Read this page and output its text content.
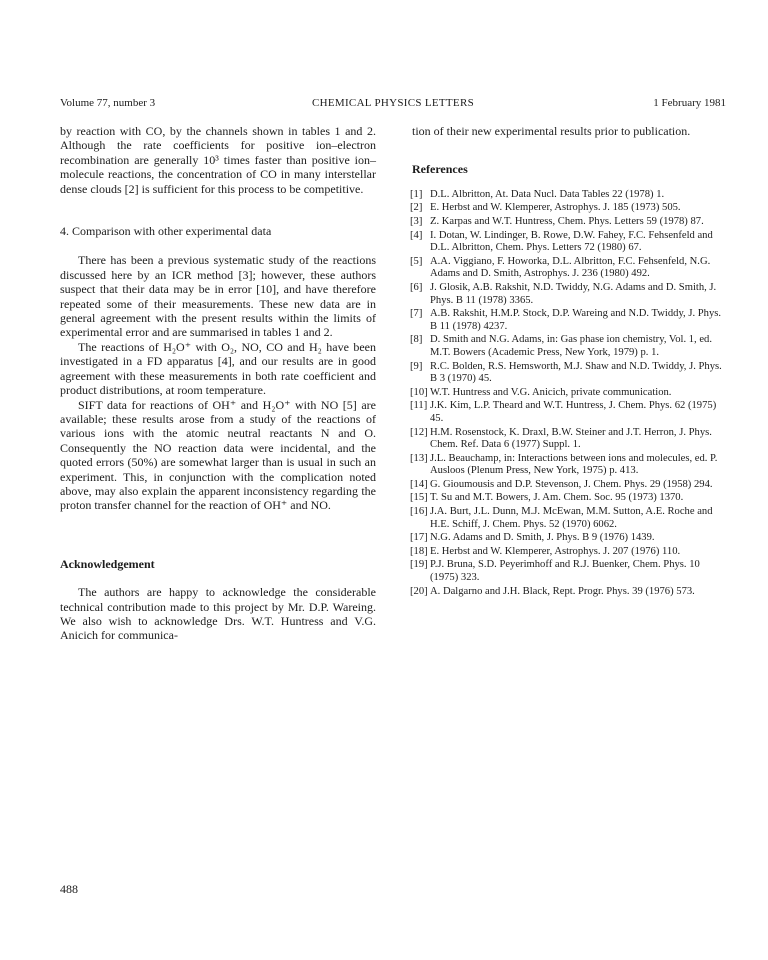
Volume 77, number 3	CHEMICAL PHYSICS LETTERS	1 February 1981

by reaction with CO, by the channels shown in tables 1 and 2. Although the rate coefficients for positive ion–electron recombination are generally 10³ times faster than positive ion–molecule reactions, the concentration of CO in many interstellar dense clouds [2] is sufficient for this process to be competitive.

4. Comparison with other experimental data

There has been a previous systematic study of the reactions discussed here by an ICR method [3]; however, these authors suspect that their data may be in error [10], and have therefore repeated some of their measurements. These new data are in general agreement with the present results within the limits of experimental error and are summarised in tables 1 and 2.

The reactions of H₂O⁺ with O₂, NO, CO and H₂ have been investigated in a FD apparatus [4], and our results are in good agreement with these measurements in both rate coefficient and product distributions, at room temperature.

SIFT data for reactions of OH⁺ and H₂O⁺ with NO [5] are available; these results arose from a study of the reactions of various ions with the atomic neutral reactants N and O. Consequently the NO reaction data were incidental, and the quoted errors (50%) are somewhat larger than is usual in such an experiment. This, in conjunction with the complication noted above, may also explain the apparent inconsistency regarding the proton transfer channel for the reaction of OH⁺ and NO.

Acknowledgement

The authors are happy to acknowledge the considerable technical contribution made to this project by Mr. D.P. Wareing. We also wish to acknowledge Drs. W.T. Huntress and V.G. Anicich for communica-

tion of their new experimental results prior to publication.

References
[1] D.L. Albritton, At. Data Nucl. Data Tables 22 (1978) 1.
[2] E. Herbst and W. Klemperer, Astrophys. J. 185 (1973) 505.
[3] Z. Karpas and W.T. Huntress, Chem. Phys. Letters 59 (1978) 87.
[4] I. Dotan, W. Lindinger, B. Rowe, D.W. Fahey, F.C. Fehsenfeld and D.L. Albritton, Chem. Phys. Letters 72 (1980) 67.
[5] A.A. Viggiano, F. Howorka, D.L. Albritton, F.C. Fehsenfeld, N.G. Adams and D. Smith, Astrophys. J. 236 (1980) 492.
[6] J. Glosik, A.B. Rakshit, N.D. Twiddy, N.G. Adams and D. Smith, J. Phys. B 11 (1978) 3365.
[7] A.B. Rakshit, H.M.P. Stock, D.P. Wareing and N.D. Twiddy, J. Phys. B 11 (1978) 4237.
[8] D. Smith and N.G. Adams, in: Gas phase ion chemistry, Vol. 1, ed. M.T. Bowers (Academic Press, New York, 1979) p. 1.
[9] R.C. Bolden, R.S. Hemsworth, M.J. Shaw and N.D. Twiddy, J. Phys. B 3 (1970) 45.
[10] W.T. Huntress and V.G. Anicich, private communication.
[11] J.K. Kim, L.P. Theard and W.T. Huntress, J. Chem. Phys. 62 (1975) 45.
[12] H.M. Rosenstock, K. Draxl, B.W. Steiner and J.T. Herron, J. Phys. Chem. Ref. Data 6 (1977) Suppl. 1.
[13] J.L. Beauchamp, in: Interactions between ions and molecules, ed. P. Ausloos (Plenum Press, New York, 1975) p. 413.
[14] G. Gioumousis and D.P. Stevenson, J. Chem. Phys. 29 (1958) 294.
[15] T. Su and M.T. Bowers, J. Am. Chem. Soc. 95 (1973) 1370.
[16] J.A. Burt, J.L. Dunn, M.J. McEwan, M.M. Sutton, A.E. Roche and H.E. Schiff, J. Chem. Phys. 52 (1970) 6062.
[17] N.G. Adams and D. Smith, J. Phys. B 9 (1976) 1439.
[18] E. Herbst and W. Klemperer, Astrophys. J. 207 (1976) 110.
[19] P.J. Bruna, S.D. Peyerimhoff and R.J. Buenker, Chem. Phys. 10 (1975) 323.
[20] A. Dalgarno and J.H. Black, Rept. Progr. Phys. 39 (1976) 573.
488
